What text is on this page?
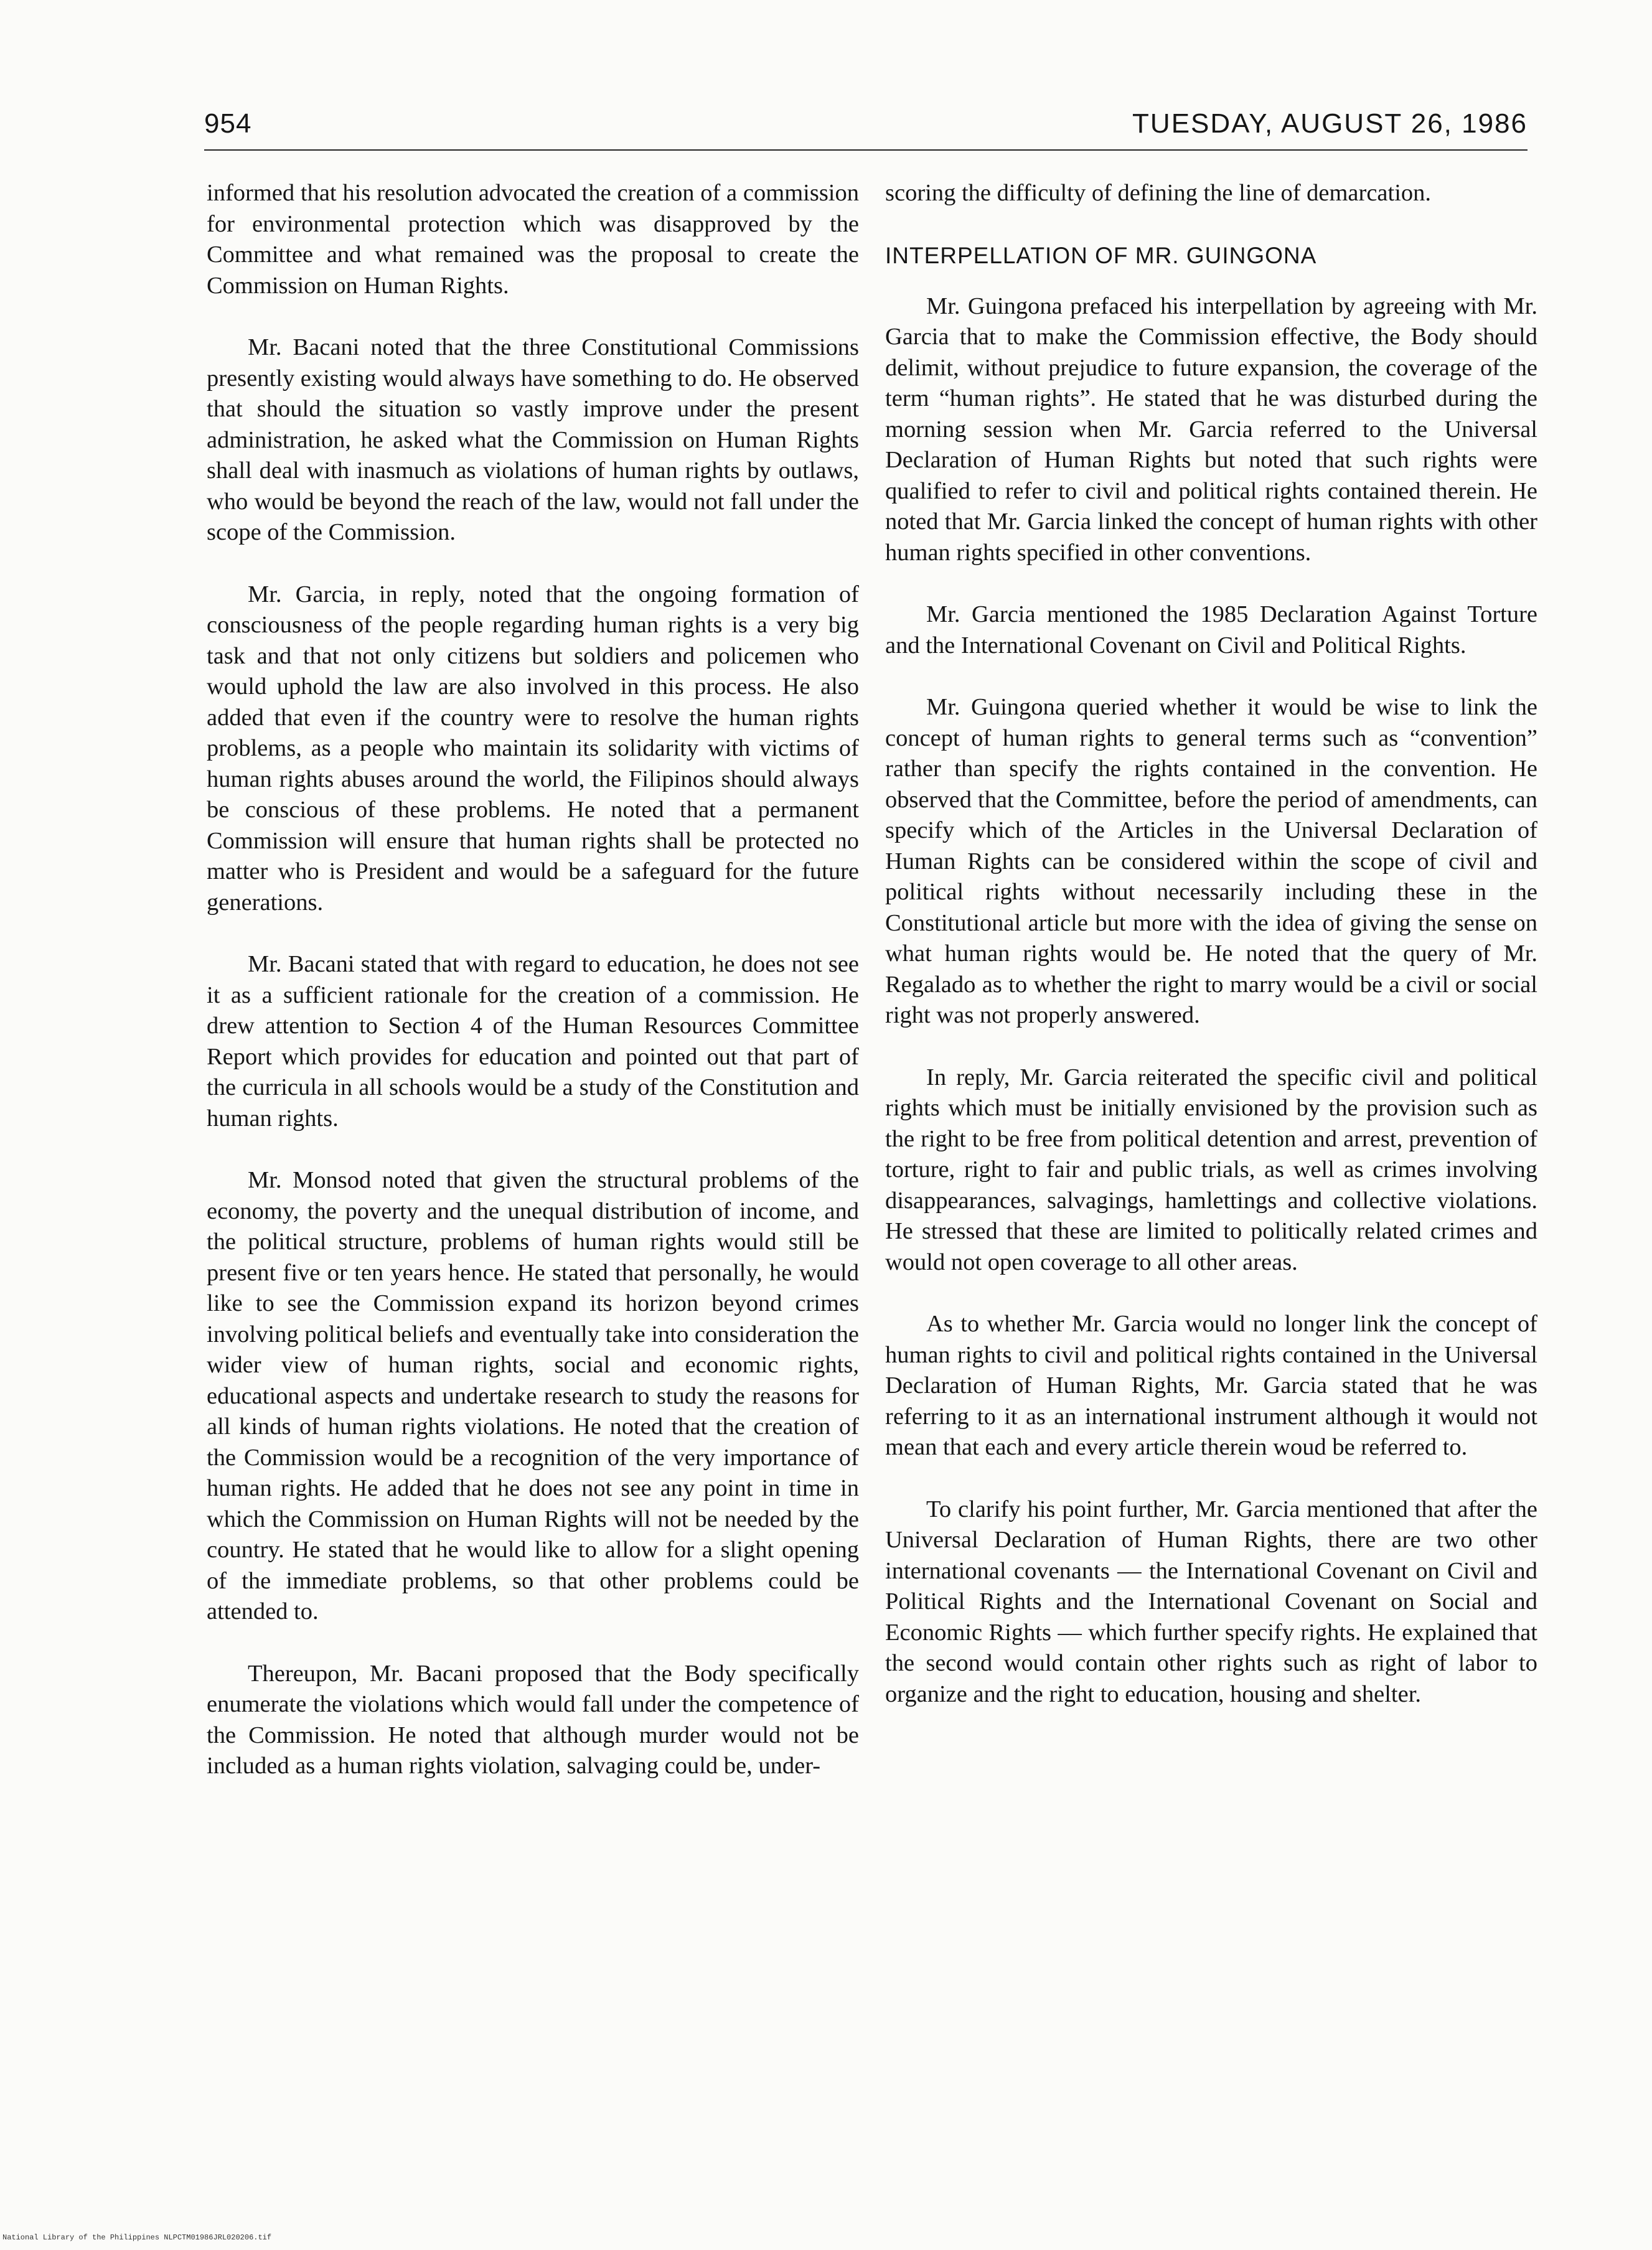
954	TUESDAY, AUGUST 26, 1986

informed that his resolution advocated the creation of a commission for environmental protection which was disapproved by the Committee and what remained was the proposal to create the Commission on Human Rights.

Mr. Bacani noted that the three Constitutional Commissions presently existing would always have something to do. He observed that should the situation so vastly improve under the present administration, he asked what the Commission on Human Rights shall deal with inasmuch as violations of human rights by outlaws, who would be beyond the reach of the law, would not fall under the scope of the Commission.

Mr. Garcia, in reply, noted that the ongoing formation of consciousness of the people regarding human rights is a very big task and that not only citizens but soldiers and policemen who would uphold the law are also involved in this process. He also added that even if the country were to resolve the human rights problems, as a people who maintain its solidarity with victims of human rights abuses around the world, the Filipinos should always be conscious of these problems. He noted that a permanent Commission will ensure that human rights shall be protected no matter who is President and would be a safeguard for the future generations.

Mr. Bacani stated that with regard to education, he does not see it as a sufficient rationale for the creation of a commission. He drew attention to Section 4 of the Human Resources Committee Report which provides for education and pointed out that part of the curricula in all schools would be a study of the Constitution and human rights.

Mr. Monsod noted that given the structural problems of the economy, the poverty and the unequal distribution of income, and the political structure, problems of human rights would still be present five or ten years hence. He stated that personally, he would like to see the Commission expand its horizon beyond crimes involving political beliefs and eventually take into consideration the wider view of human rights, social and economic rights, educational aspects and undertake research to study the reasons for all kinds of human rights violations. He noted that the creation of the Commission would be a recognition of the very importance of human rights. He added that he does not see any point in time in which the Commission on Human Rights will not be needed by the country. He stated that he would like to allow for a slight opening of the immediate problems, so that other problems could be attended to.

Thereupon, Mr. Bacani proposed that the Body specifically enumerate the violations which would fall under the competence of the Commission. He noted that although murder would not be included as a human rights violation, salvaging could be, under-

scoring the difficulty of defining the line of demarcation.

INTERPELLATION OF MR. GUINGONA

Mr. Guingona prefaced his interpellation by agreeing with Mr. Garcia that to make the Commission effective, the Body should delimit, without prejudice to future expansion, the coverage of the term “human rights”. He stated that he was disturbed during the morning session when Mr. Garcia referred to the Universal Declaration of Human Rights but noted that such rights were qualified to refer to civil and political rights contained therein. He noted that Mr. Garcia linked the concept of human rights with other human rights specified in other conventions.

Mr. Garcia mentioned the 1985 Declaration Against Torture and the International Covenant on Civil and Political Rights.

Mr. Guingona queried whether it would be wise to link the concept of human rights to general terms such as “convention” rather than specify the rights contained in the convention. He observed that the Committee, before the period of amendments, can specify which of the Articles in the Universal Declaration of Human Rights can be considered within the scope of civil and political rights without necessarily including these in the Constitutional article but more with the idea of giving the sense on what human rights would be. He noted that the query of Mr. Regalado as to whether the right to marry would be a civil or social right was not properly answered.

In reply, Mr. Garcia reiterated the specific civil and political rights which must be initially envisioned by the provision such as the right to be free from political detention and arrest, prevention of torture, right to fair and public trials, as well as crimes involving disappearances, salvagings, hamlettings and collective violations. He stressed that these are limited to politically related crimes and would not open coverage to all other areas.

As to whether Mr. Garcia would no longer link the concept of human rights to civil and political rights contained in the Universal Declaration of Human Rights, Mr. Garcia stated that he was referring to it as an international instrument although it would not mean that each and every article therein woud be referred to.

To clarify his point further, Mr. Garcia mentioned that after the Universal Declaration of Human Rights, there are two other international covenants — the International Covenant on Civil and Political Rights and the International Covenant on Social and Economic Rights — which further specify rights. He explained that the second would contain other rights such as right of labor to organize and the right to education, housing and shelter.

National Library of the Philippines NLPCTM01986JRL020206.tif
